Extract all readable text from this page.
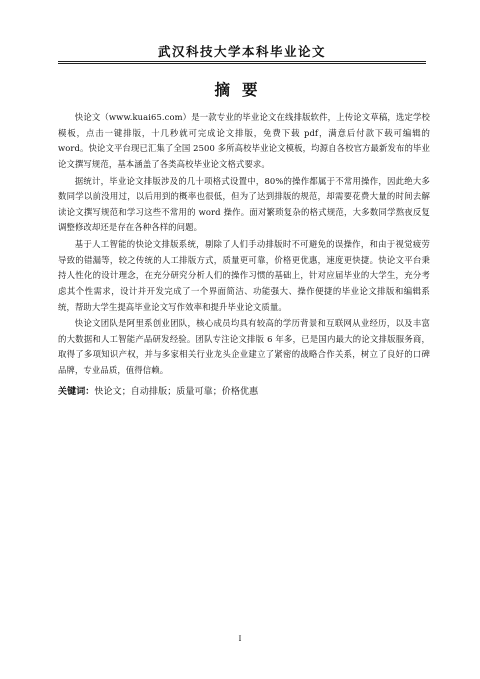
武汉科技大学本科毕业论文
摘要

快论文（www.kuai65.com）是一款专业的毕业论文在线排版软件，上传论文草稿，选定学校模板，点击一键排版，十几秒就可完成论文排版，免费下载 pdf，满意后付款下载可编辑的 word。快论文平台现已汇集了全国 2500 多所高校毕业论文模板，均源自各校官方最新发布的毕业论文撰写规范，基本涵盖了各类高校毕业论文格式要求。

据统计，毕业论文排版涉及的几十项格式设置中，80%的操作都属于不常用操作，因此绝大多数同学以前没用过，以后用到的概率也很低，但为了达到排版的规范，却需要花费大量的时间去解读论文撰写规范和学习这些不常用的 word 操作。面对繁琐复杂的格式规范，大多数同学熬夜反复调整修改却还是存在各种各样的问题。

基于人工智能的快论文排版系统，剔除了人们手动排版时不可避免的误操作，和由于视觉疲劳导致的错漏等，较之传统的人工排版方式，质量更可靠，价格更优惠，速度更快捷。快论文平台秉持人性化的设计理念，在充分研究分析人们的操作习惯的基础上，针对应届毕业的大学生，充分考虑其个性需求，设计并开发完成了一个界面简洁、功能强大、操作便捷的毕业论文排版和编辑系统，帮助大学生提高毕业论文写作效率和提升毕业论文质量。

快论文团队是阿里系创业团队，核心成员均具有较高的学历背景和互联网从业经历，以及丰富的大数据和人工智能产品研发经验。团队专注论文排版 6 年多，已是国内最大的论文排版服务商，取得了多项知识产权，并与多家相关行业龙头企业建立了紧密的战略合作关系，树立了良好的口碑品牌，专业品质，值得信赖。

关键词：快论文；自动排版；质量可靠；价格优惠
I
